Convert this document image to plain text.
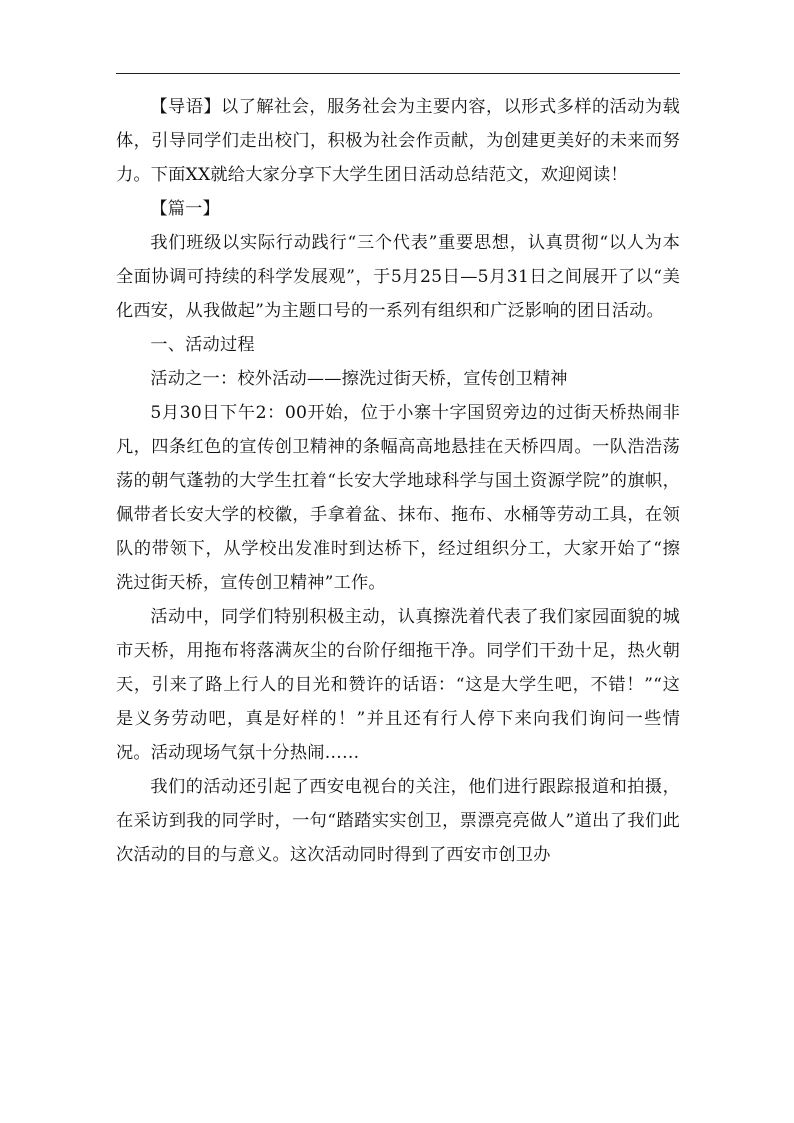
【导语】以了解社会，服务社会为主要内容，以形式多样的活动为载体，引导同学们走出校门，积极为社会作贡献，为创建更美好的未来而努力。下面XX就给大家分享下大学生团日活动总结范文，欢迎阅读！

【篇一】

我们班级以实际行动践行“三个代表”重要思想，认真贯彻“以人为本全面协调可持续的科学发展观”，于5月25日—5月31日之间展开了以“美化西安，从我做起”为主题口号的一系列有组织和广泛影响的团日活动。

一、活动过程

活动之一：校外活动——擦洗过街天桥，宣传创卫精神

5月30日下午2：00开始，位于小寨十字国贸旁边的过街天桥热闹非凡，四条红色的宣传创卫精神的条幅高高地悬挂在天桥四周。一队浩浩荡荡的朝气蓬勃的大学生扛着“长安大学地球科学与国土资源学院”的旗帜，佩带者长安大学的校徽，手拿着盆、抹布、拖布、水桶等劳动工具，在领队的带领下，从学校出发准时到达桥下，经过组织分工，大家开始了“擦洗过街天桥，宣传创卫精神”工作。

活动中，同学们特别积极主动，认真擦洗着代表了我们家园面貌的城市天桥，用拖布将落满灰尘的台阶仔细拖干净。同学们干劲十足，热火朝天，引来了路上行人的目光和赞许的话语：“这是大学生吧，不错！”“这是义务劳动吧，真是好样的！”并且还有行人停下来向我们询问一些情况。活动现场气氛十分热闹……

我们的活动还引起了西安电视台的关注，他们进行跟踪报道和拍摄，在采访到我的同学时，一句“踏踏实实创卫，票漂亮亮做人”道出了我们此次活动的目的与意义。这次活动同时得到了西安市创卫办
